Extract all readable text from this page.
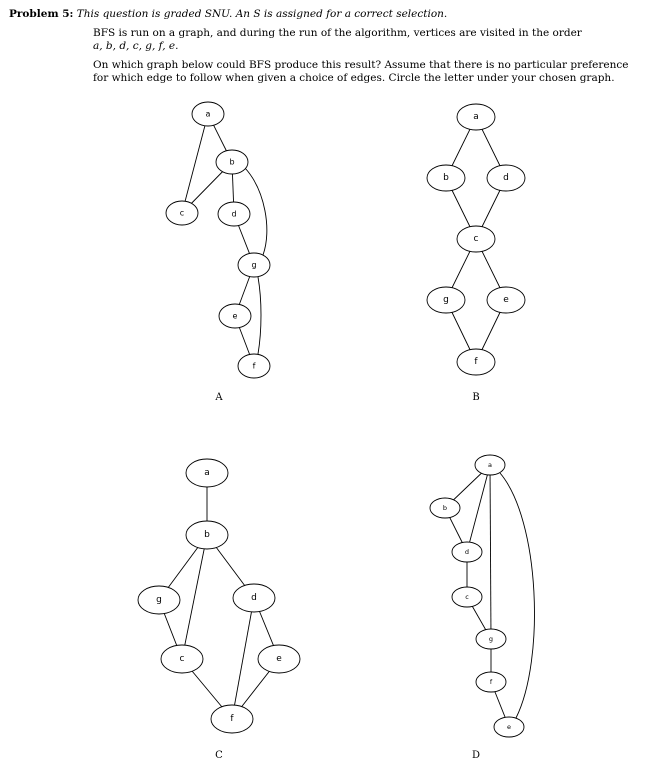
Problem 5: This question is graded SNU. An S is assigned for a correct selection.
BFS is run on a graph, and during the run of the algorithm, vertices are visited in the order
a, b, d, c, g, f, e.
On which graph below could BFS produce this result? Assume that there is no particular preference
for which edge to follow when given a choice of edges. Circle the letter under your chosen graph.
a
b
c	d
g
e
f
A
a
b	d
c
g	e
f
B
a
b
g	d
c	e
f
C
a
b
d
c
g
f
e
D
